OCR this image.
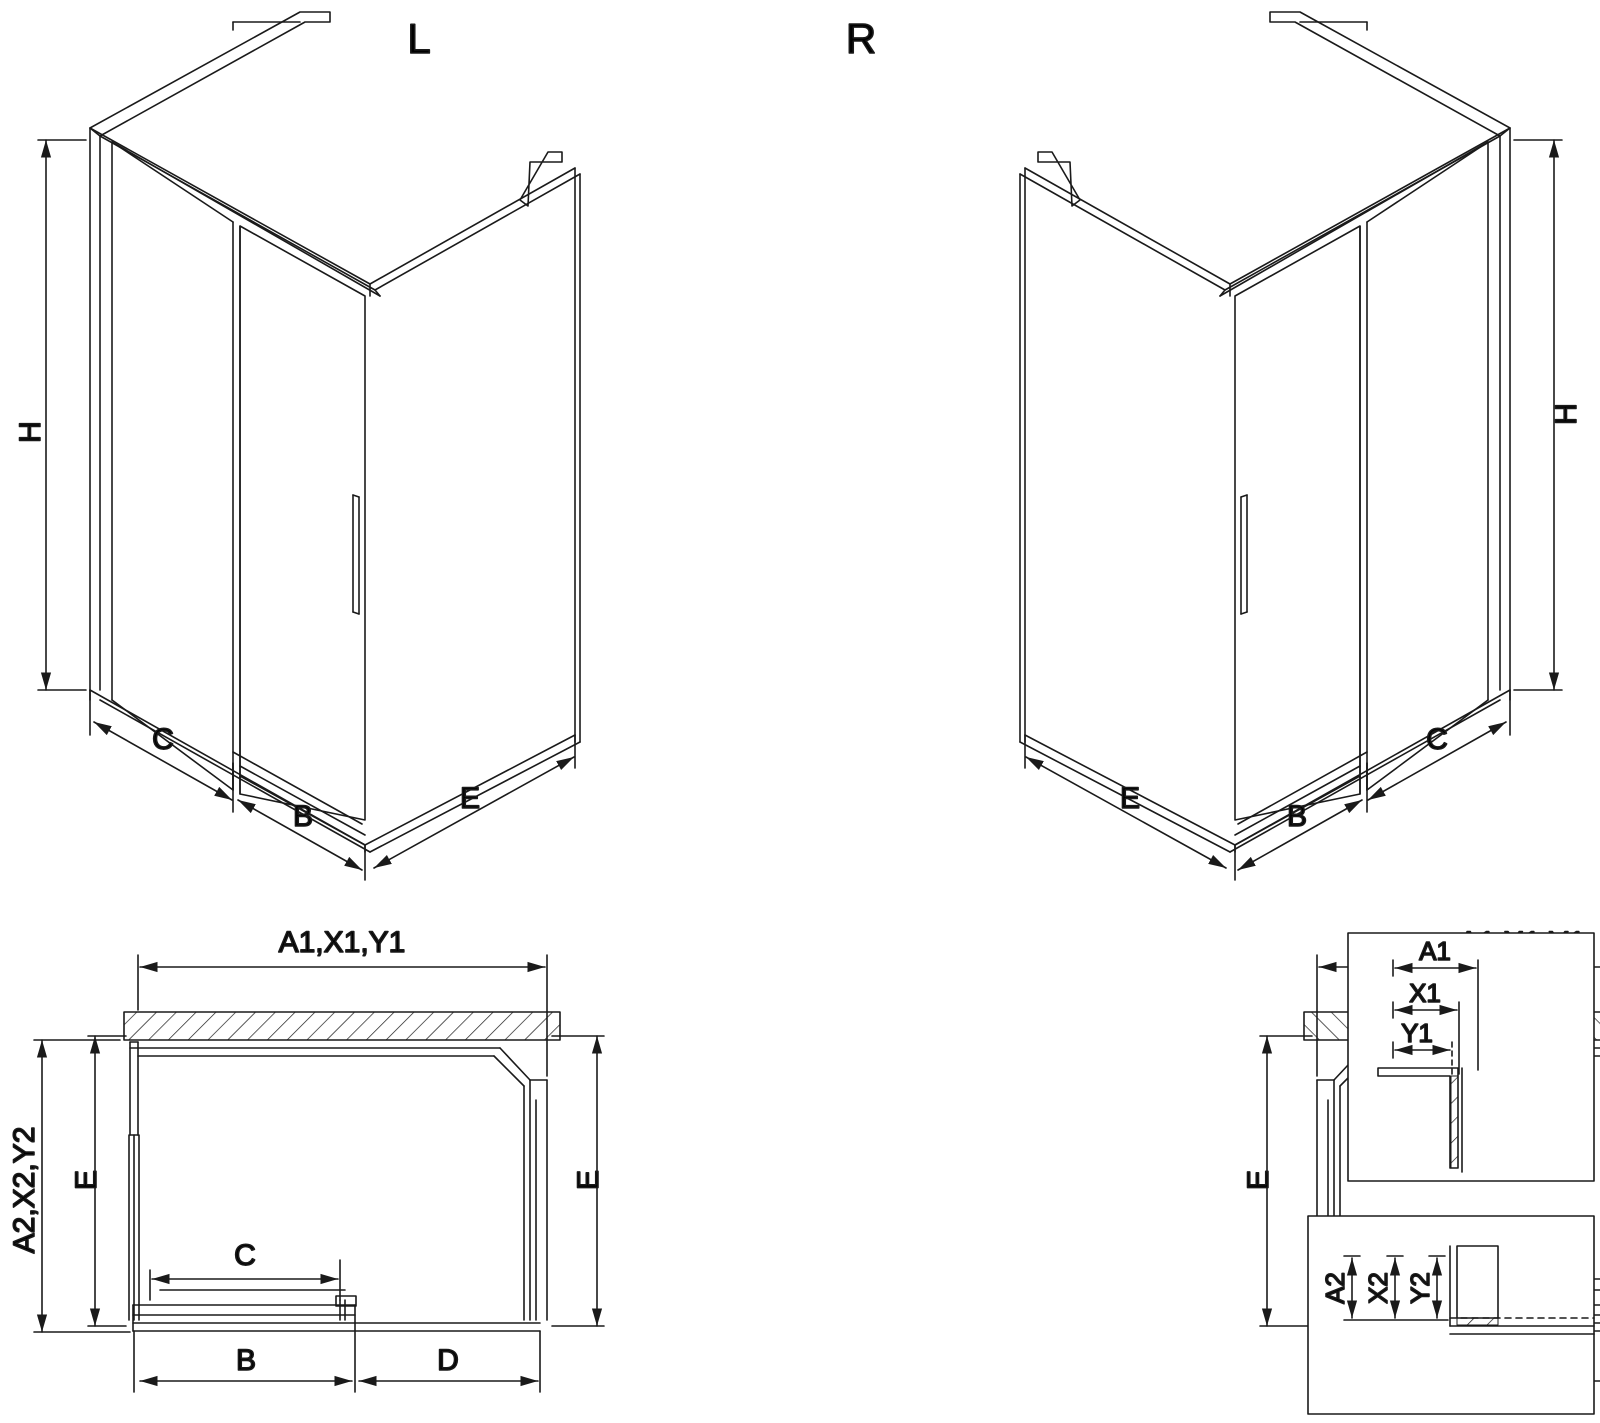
L
H
C
B
E
R
H
C
B
E
A1,X1,Y1
A2,X2,Y2 E	E
C
B	D
E
A1
X1
Y1
A2 X2 Y2
